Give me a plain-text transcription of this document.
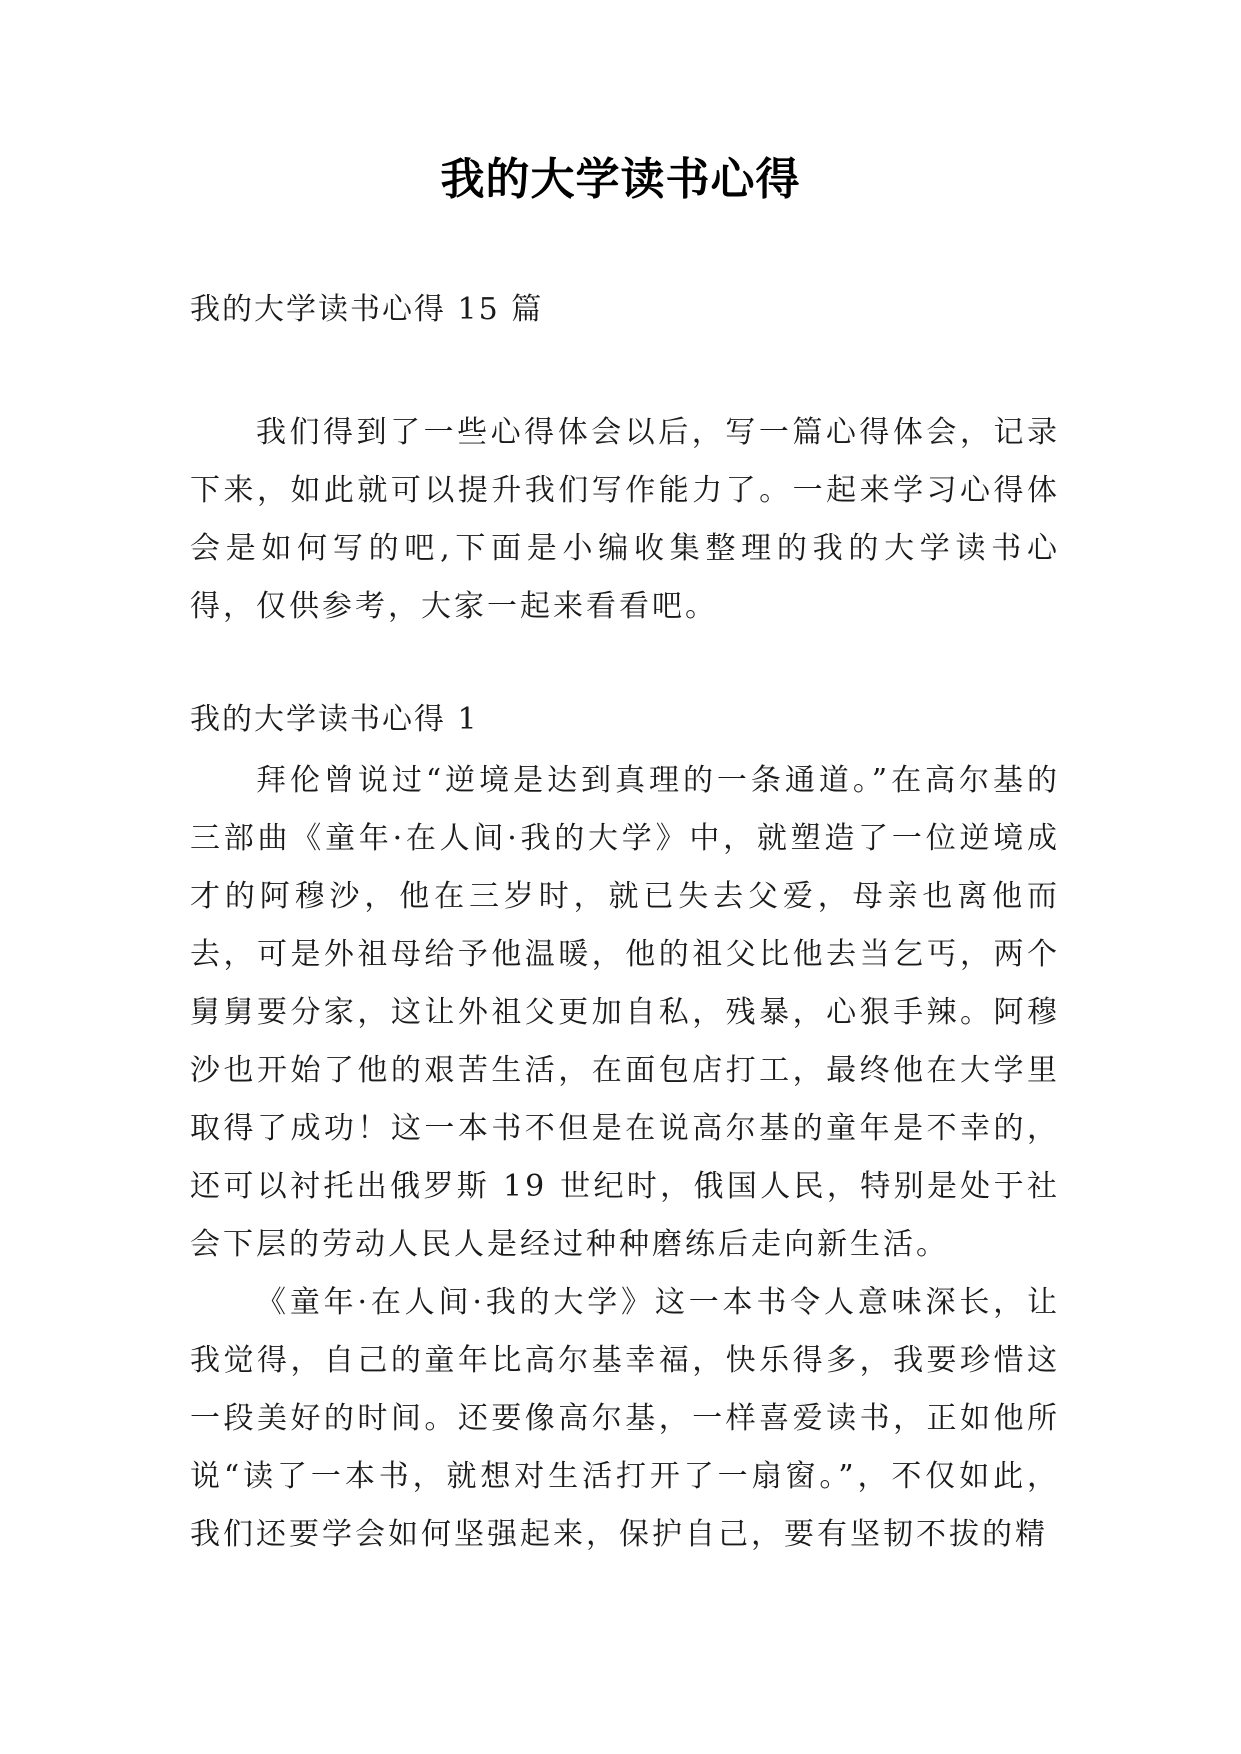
我的大学读书心得
我的大学读书心得 15 篇

我们得到了一些心得体会以后，写一篇心得体会，记录下来，如此就可以提升我们写作能力了。一起来学习心得体会是如何写的吧,下面是小编收集整理的我的大学读书心得，仅供参考，大家一起来看看吧。

我的大学读书心得 1

拜伦曾说过“逆境是达到真理的一条通道。”在高尔基的三部曲《童年·在人间·我的大学》中，就塑造了一位逆境成才的阿穆沙，他在三岁时，就已失去父爱，母亲也离他而去，可是外祖母给予他温暖，他的祖父比他去当乞丐，两个舅舅要分家，这让外祖父更加自私，残暴，心狠手辣。阿穆沙也开始了他的艰苦生活，在面包店打工，最终他在大学里取得了成功！这一本书不但是在说高尔基的童年是不幸的，还可以衬托出俄罗斯 19 世纪时，俄国人民，特别是处于社会下层的劳动人民人是经过种种磨练后走向新生活。

《童年·在人间·我的大学》这一本书令人意味深长，让我觉得，自己的童年比高尔基幸福，快乐得多，我要珍惜这一段美好的时间。还要像高尔基，一样喜爱读书，正如他所说“读了一本书，就想对生活打开了一扇窗。”，不仅如此，我们还要学会如何坚强起来，保护自己，要有坚韧不拔的精
